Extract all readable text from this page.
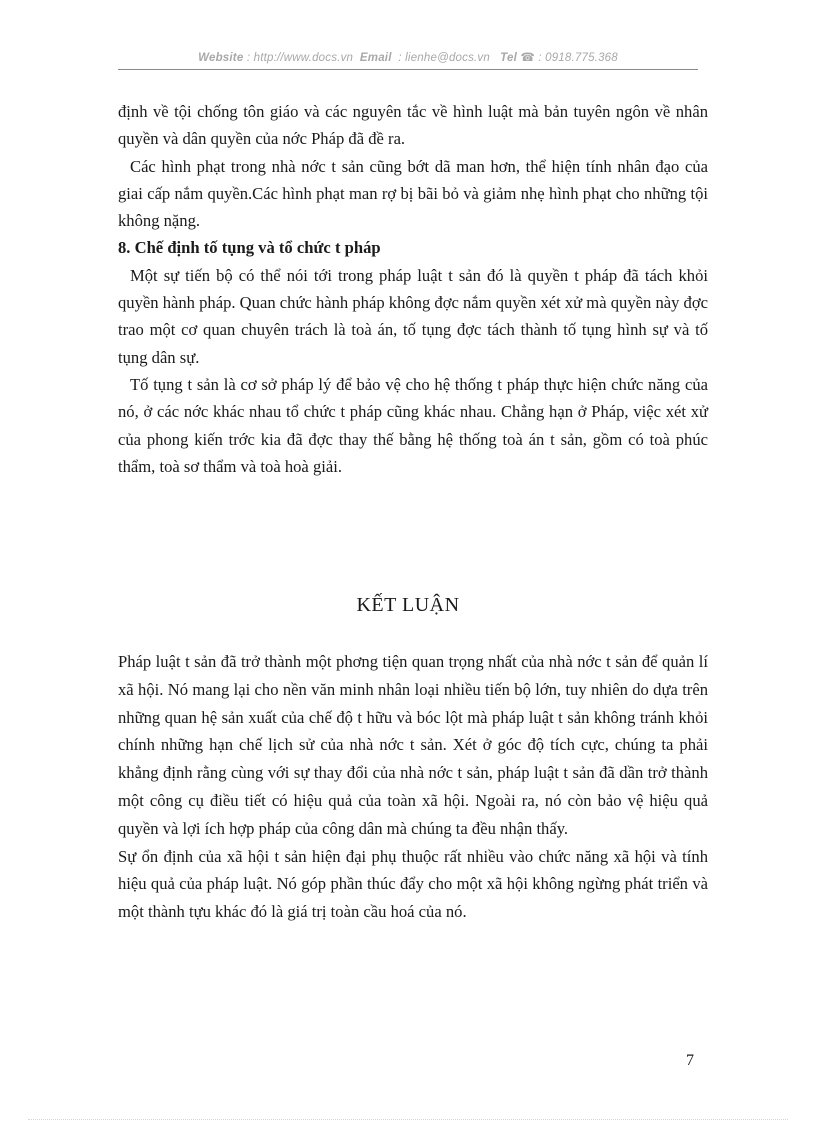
Website : http://www.docs.vn Email : lienhe@docs.vn Tel ☎ : 0918.775.368

định về tội chống tôn giáo và các nguyên tắc về hình luật mà bản tuyên ngôn về nhân quyền và dân quyền của nớc Pháp đã đề ra.

Các hình phạt trong nhà nớc t sản cũng bớt dã man hơn, thể hiện tính nhân đạo của giai cấp nắm quyền.Các hình phạt man rợ bị bãi bỏ và giảm nhẹ hình phạt cho những tội không nặng.

8. Chế định tố tụng và tổ chức t pháp

Một sự tiến bộ có thể nói tới trong pháp luật t sản đó là quyền t pháp đã tách khỏi quyền hành pháp. Quan chức hành pháp không đợc nắm quyền xét xử mà quyền này đợc trao một cơ quan chuyên trách là toà án, tố tụng đợc tách thành tố tụng hình sự và tố tụng dân sự.

Tố tụng t sản là cơ sở pháp lý để bảo vệ cho hệ thống t pháp thực hiện chức năng của nó, ở các nớc khác nhau tổ chức t pháp cũng khác nhau. Chẳng hạn ở Pháp, việc xét xử của phong kiến trớc kia đã đợc thay thế bằng hệ thống toà án t sản, gồm có toà phúc thẩm, toà sơ thẩm và toà hoà giải.

KẾT LUẬN

Pháp luật t sản đã trở thành một phơng tiện quan trọng nhất của nhà nớc t sản để quản lí xã hội. Nó mang lại cho nền văn minh nhân loại nhiều tiến bộ lớn, tuy nhiên do dựa trên những quan hệ sản xuất của chế độ t hữu và bóc lột mà pháp luật t sản không tránh khỏi chính những hạn chế lịch sử của nhà nớc t sản. Xét ở góc độ tích cực, chúng ta phải khẳng định rằng cùng với sự thay đổi của nhà nớc t sản, pháp luật t sản đã dần trở thành một công cụ điều tiết có hiệu quả của toàn xã hội. Ngoài ra, nó còn bảo vệ hiệu quả quyền và lợi ích hợp pháp của công dân mà chúng ta đều nhận thấy.

Sự ổn định của xã hội t sản hiện đại phụ thuộc rất nhiều vào chức năng xã hội và tính hiệu quả của pháp luật. Nó góp phần thúc đẩy cho một xã hội không ngừng phát triển và một thành tựu khác đó là giá trị toàn cầu hoá của nó.

7
